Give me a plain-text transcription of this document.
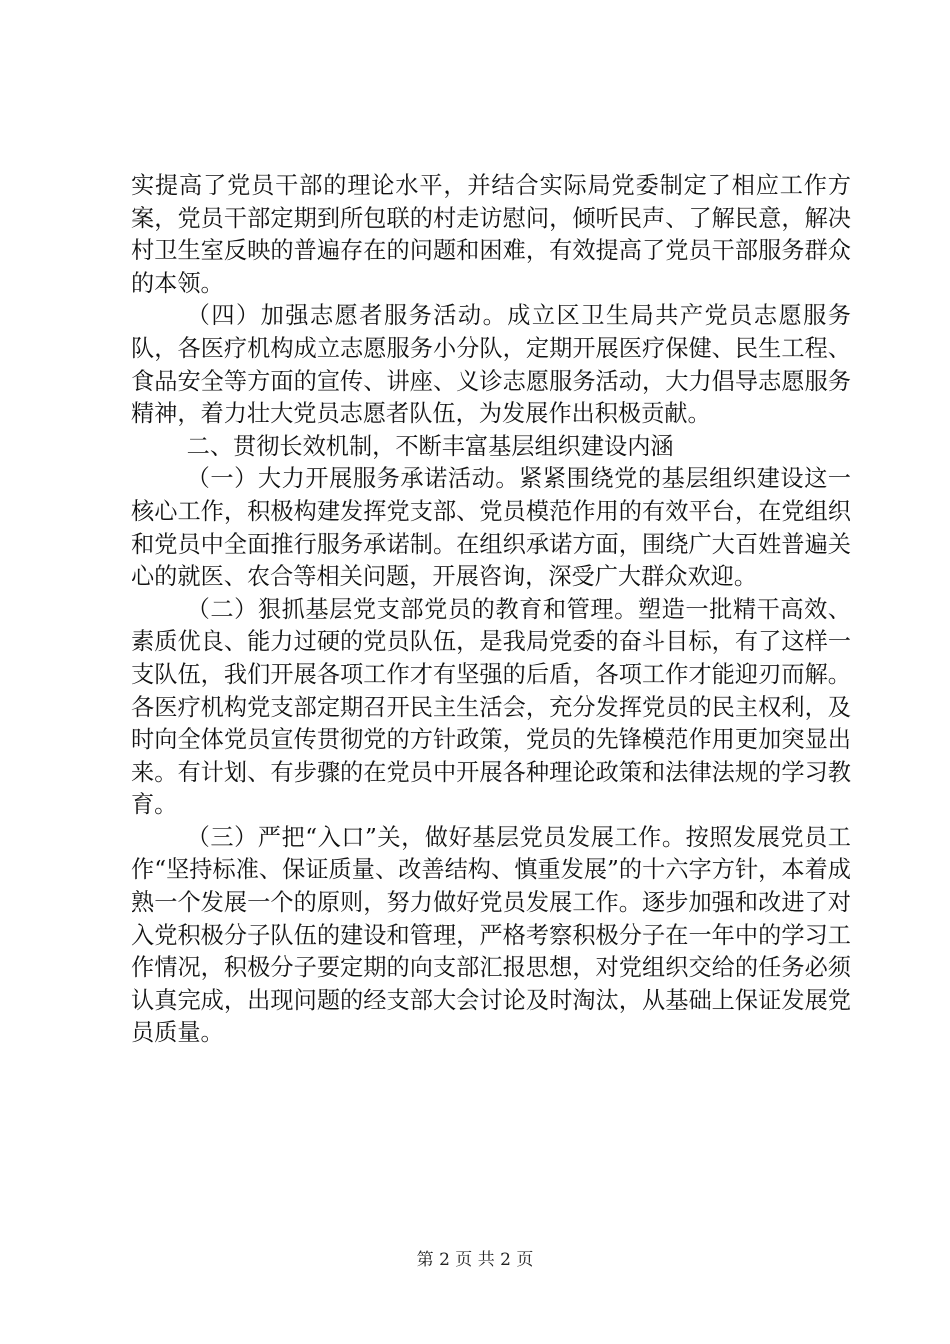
实提高了党员干部的理论水平，并结合实际局党委制定了相应工作方案，党员干部定期到所包联的村走访慰问，倾听民声、了解民意，解决村卫生室反映的普遍存在的问题和困难，有效提高了党员干部服务群众的本领。

（四）加强志愿者服务活动。成立区卫生局共产党员志愿服务队，各医疗机构成立志愿服务小分队，定期开展医疗保健、民生工程、食品安全等方面的宣传、讲座、义诊志愿服务活动，大力倡导志愿服务精神，着力壮大党员志愿者队伍，为发展作出积极贡献。

二、贯彻长效机制，不断丰富基层组织建设内涵

（一）大力开展服务承诺活动。紧紧围绕党的基层组织建设这一核心工作，积极构建发挥党支部、党员模范作用的有效平台，在党组织和党员中全面推行服务承诺制。在组织承诺方面，围绕广大百姓普遍关心的就医、农合等相关问题，开展咨询，深受广大群众欢迎。

（二）狠抓基层党支部党员的教育和管理。塑造一批精干高效、素质优良、能力过硬的党员队伍，是我局党委的奋斗目标，有了这样一支队伍，我们开展各项工作才有坚强的后盾，各项工作才能迎刃而解。各医疗机构党支部定期召开民主生活会，充分发挥党员的民主权利，及时向全体党员宣传贯彻党的方针政策，党员的先锋模范作用更加突显出来。有计划、有步骤的在党员中开展各种理论政策和法律法规的学习教育。

（三）严把“入口”关，做好基层党员发展工作。按照发展党员工作“坚持标准、保证质量、改善结构、慎重发展”的十六字方针，本着成熟一个发展一个的原则，努力做好党员发展工作。逐步加强和改进了对入党积极分子队伍的建设和管理，严格考察积极分子在一年中的学习工作情况，积极分子要定期的向支部汇报思想，对党组织交给的任务必须认真完成，出现问题的经支部大会讨论及时淘汰，从基础上保证发展党员质量。

第 2 页 共 2 页
